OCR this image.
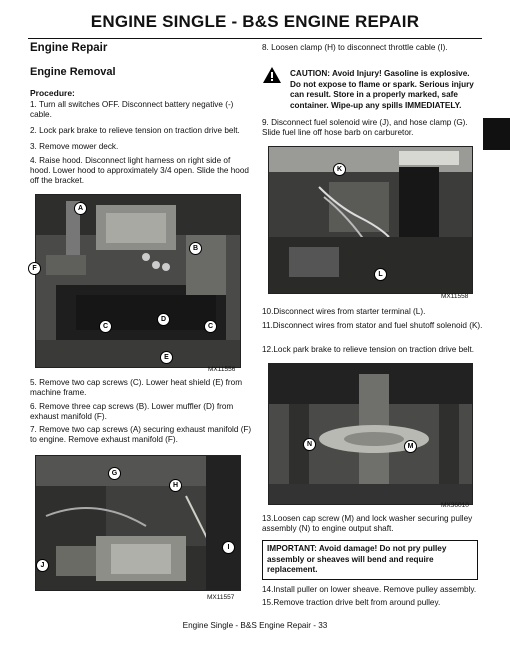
ENGINE SINGLE - B&S ENGINE REPAIR
Engine Repair
Engine Removal
Procedure:
1. Turn all switches OFF. Disconnect battery negative (-) cable.
2. Lock park brake to relieve tension on traction drive belt.
3. Remove mower deck.
4. Raise hood. Disconnect light harness on right side of hood. Lower hood to approximately 3/4 open. Slide the hood off the bracket.
A
B
F
D
C	C
E
MX11556
5. Remove two cap screws (C). Lower heat shield (E) from machine frame.
6. Remove three cap screws (B). Lower muffler (D) from exhaust manifold (F).
7. Remove two cap screws (A) securing exhaust manifold (F) to engine. Remove exhaust manifold (F).
G
H
I
J
MX11557
8. Loosen clamp (H) to disconnect throttle cable (I).
CAUTION: Avoid Injury! Gasoline is explosive. Do not expose to flame or spark. Serious injury can result. Store in a properly marked, safe container. Wipe-up any spills IMMEDIATELY.
9. Disconnect fuel solenoid wire (J), and hose clamp (G). Slide fuel line off hose barb on carburetor.
K
L
MX11558
10.Disconnect wires from starter terminal (L).
11.Disconnect wires from stator and fuel shutoff solenoid (K).
12.Lock park brake to relieve tension on traction drive belt.
N	M
MX36010
13.Loosen cap screw (M) and lock washer securing pulley assembly (N) to engine output shaft.
IMPORTANT: Avoid damage! Do not pry pulley assembly or sheaves will bend and require replacement.
14.Install puller on lower sheave. Remove pulley assembly.
15.Remove traction drive belt from around pulley.
Engine Single - B&S Engine Repair - 33
